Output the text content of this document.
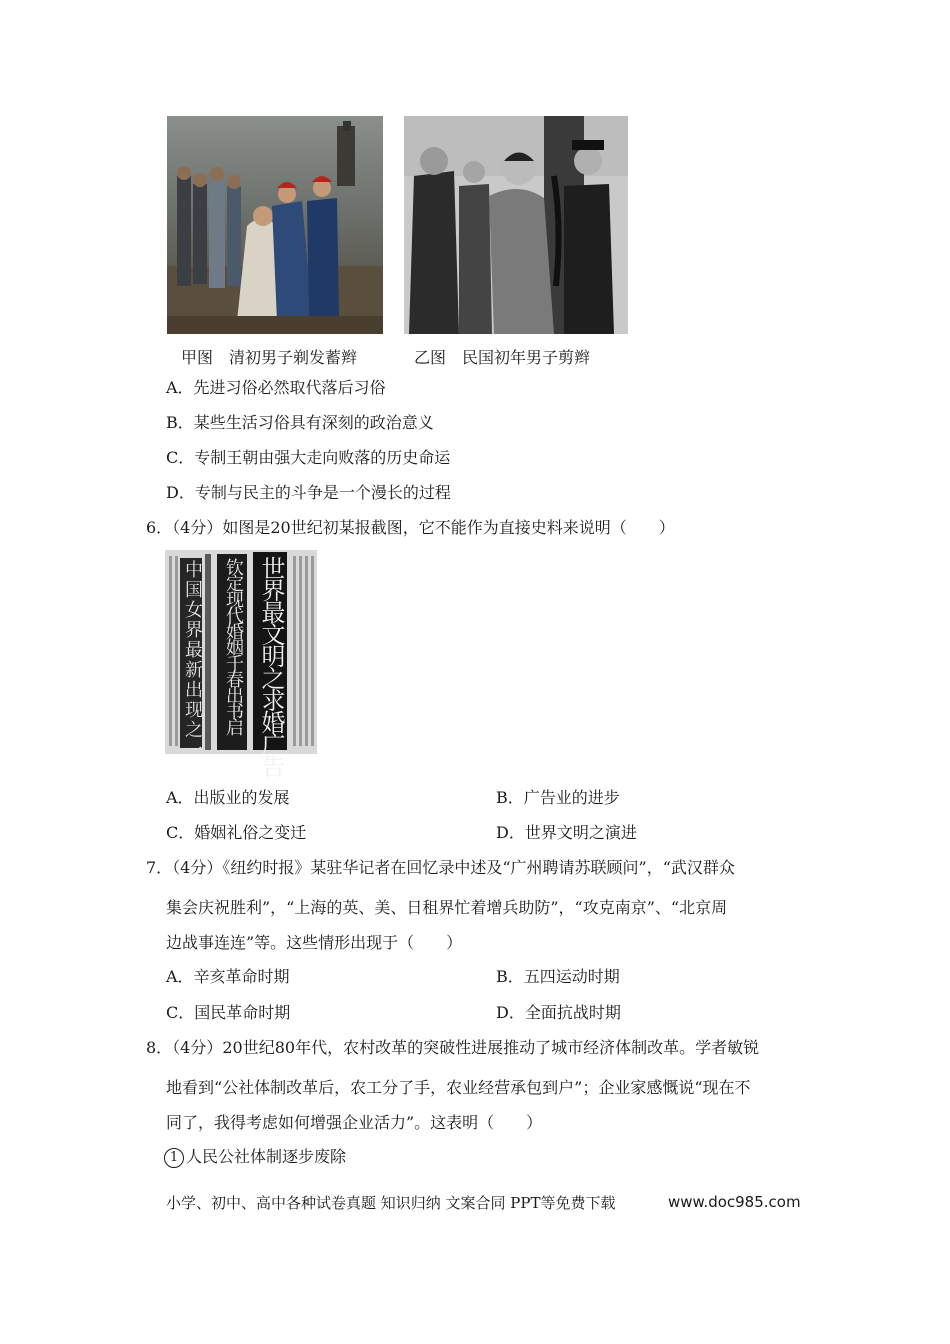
甲图　清初男子剃发蓄辫	乙图　民国初年男子剪辫
A．先进习俗必然取代落后习俗
B．某些生活习俗具有深刻的政治意义
C．专制王朝由强大走向败落的历史命运
D．专制与民主的斗争是一个漫长的过程
6．（4分）如图是20世纪初某报截图，它不能作为直接史料来说明（　　）
世界最文明之求婚广告
钦定现代婚姻千春出书启
中国女界最新出现之一
A．出版业的发展	B．广告业的进步
C．婚姻礼俗之变迁	D．世界文明之演进
7．（4分）《纽约时报》某驻华记者在回忆录中述及“广州聘请苏联顾问”，“武汉群众
集会庆祝胜利”，“上海的英、美、日租界忙着增兵助防”，“攻克南京”、“北京周
边战事连连”等。这些情形出现于（　　）
A．辛亥革命时期	B．五四运动时期
C．国民革命时期	D．全面抗战时期
8．（4分）20世纪80年代，农村改革的突破性进展推动了城市经济体制改革。学者敏锐
地看到“公社体制改革后，农工分了手，农业经营承包到户”；企业家感慨说“现在不
同了，我得考虑如何增强企业活力”。这表明（　　）
1 人民公社体制逐步废除
小学、初中、高中各种试卷真题 知识归纳 文案合同 PPT等免费下载	www.doc985.com
